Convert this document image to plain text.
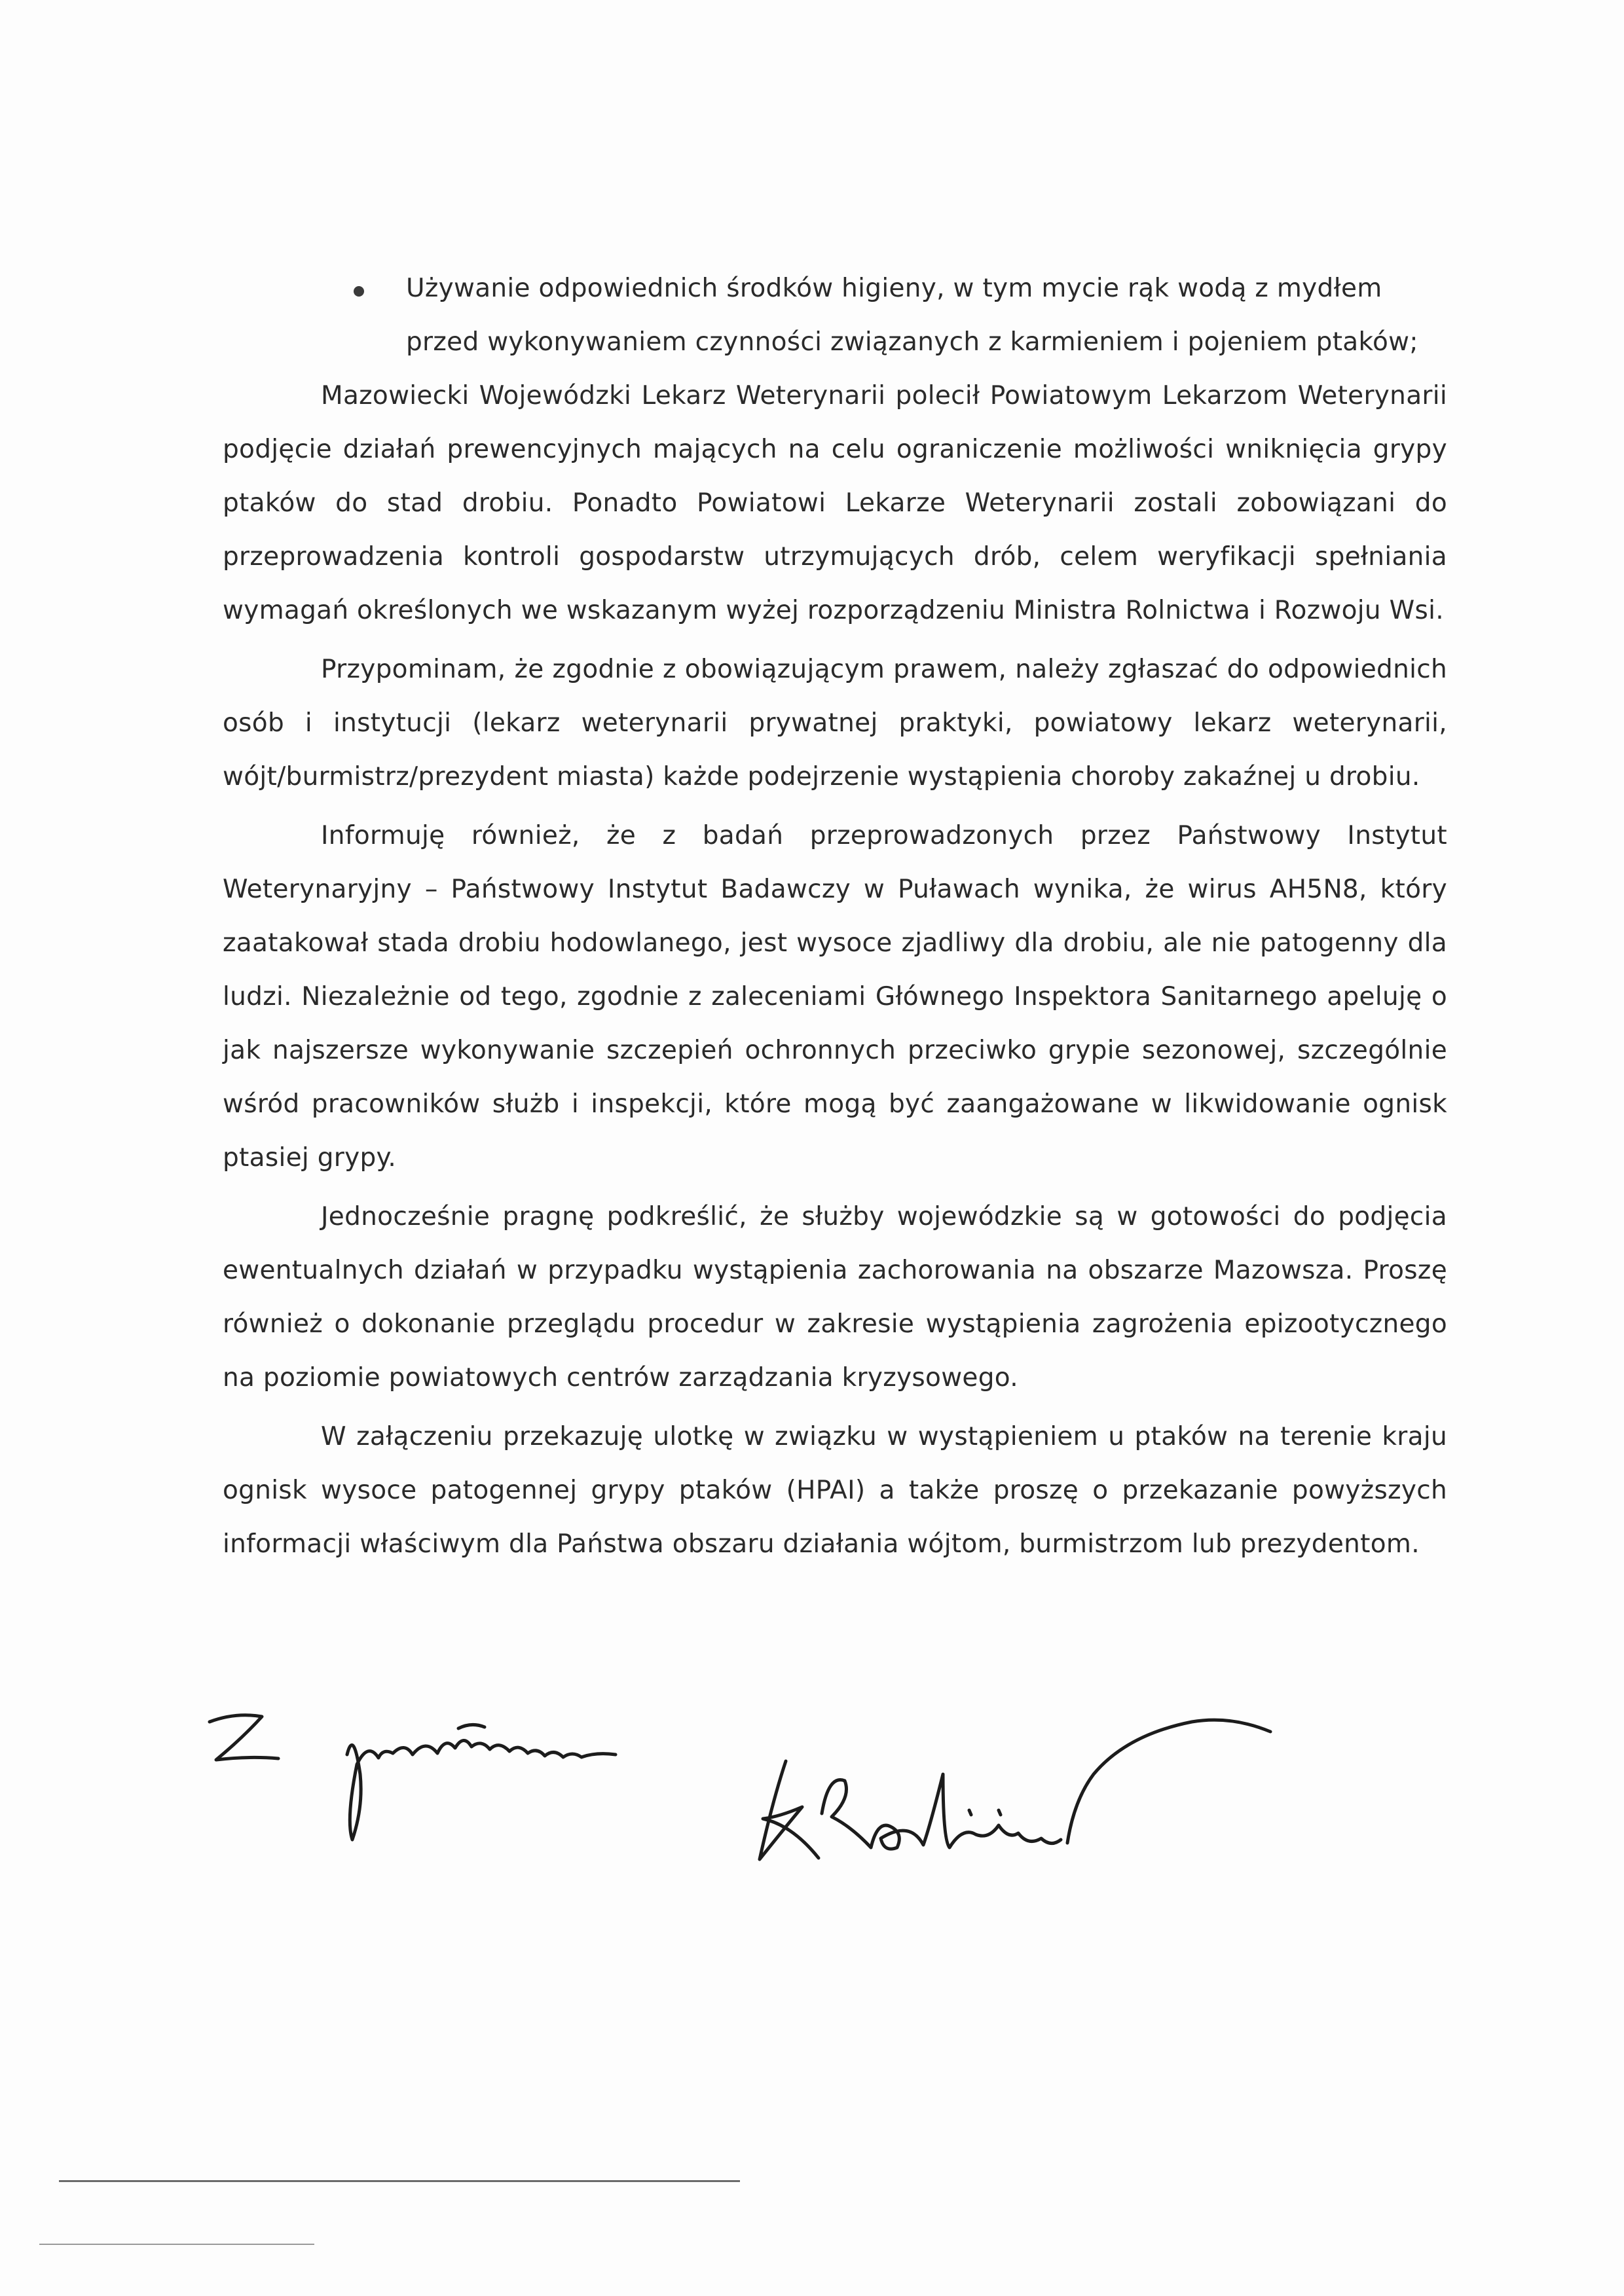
Używanie odpowiednich środków higieny, w tym mycie rąk wodą z mydłem przed wykonywaniem czynności związanych z karmieniem i pojeniem ptaków;

Mazowiecki Wojewódzki Lekarz Weterynarii polecił Powiatowym Lekarzom Weterynarii podjęcie działań prewencyjnych mających na celu ograniczenie możliwości wniknięcia grypy ptaków do stad drobiu. Ponadto Powiatowi Lekarze Weterynarii zostali zobowiązani do przeprowadzenia kontroli gospodarstw utrzymujących drób, celem weryfikacji spełniania wymagań określonych we wskazanym wyżej rozporządzeniu Ministra Rolnictwa i Rozwoju Wsi.

Przypominam, że zgodnie z obowiązującym prawem, należy zgłaszać do odpowiednich osób i instytucji (lekarz weterynarii prywatnej praktyki, powiatowy lekarz weterynarii, wójt/burmistrz/prezydent miasta) każde podejrzenie wystąpienia choroby zakaźnej u drobiu.

Informuję również, że z badań przeprowadzonych przez Państwowy Instytut Weterynaryjny – Państwowy Instytut Badawczy w Puławach wynika, że wirus AH5N8, który zaatakował stada drobiu hodowlanego, jest wysoce zjadliwy dla drobiu, ale nie patogenny dla ludzi. Niezależnie od tego, zgodnie z zaleceniami Głównego Inspektora Sanitarnego apeluję o jak najszersze wykonywanie szczepień ochronnych przeciwko grypie sezonowej, szczególnie wśród pracowników służb i inspekcji, które mogą być zaangażowane w likwidowanie ognisk ptasiej grypy.

Jednocześnie pragnę podkreślić, że służby wojewódzkie są w gotowości do podjęcia ewentualnych działań w przypadku wystąpienia zachorowania na obszarze Mazowsza. Proszę również o dokonanie przeglądu procedur w zakresie wystąpienia zagrożenia epizootycznego na poziomie powiatowych centrów zarządzania kryzysowego.

W załączeniu przekazuję ulotkę w związku w wystąpieniem u ptaków na terenie kraju ognisk wysoce patogennej grypy ptaków (HPAI) a także proszę o przekazanie powyższych informacji właściwym dla Państwa obszaru działania wójtom, burmistrzom lub prezydentom.
